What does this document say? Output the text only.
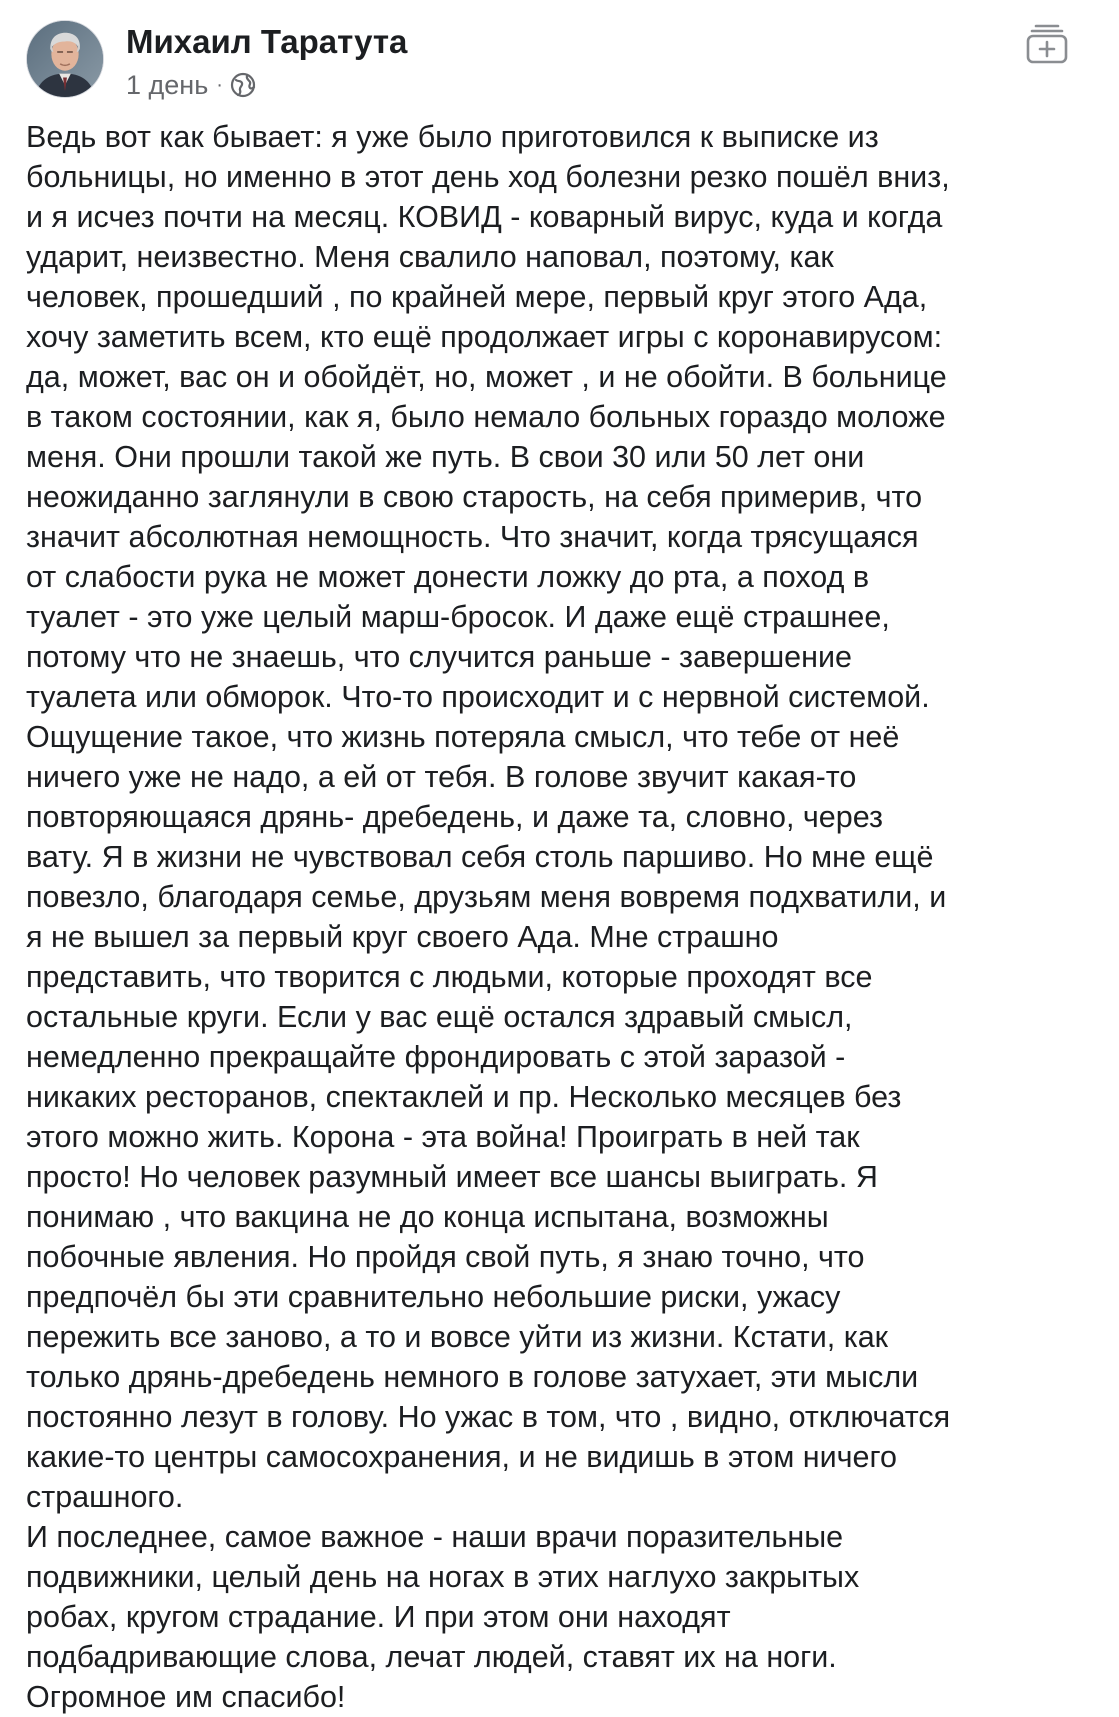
Михаил Таратута
1 день ·
Ведь вот как бывает: я уже было приготовился к выписке из
больницы, но именно в этот день ход болезни резко пошёл вниз,
и я исчез почти на месяц. КОВИД - коварный вирус, куда и когда
ударит, неизвестно. Меня свалило наповал, поэтому, как
человек, прошедший , по крайней мере, первый круг этого Ада,
хочу заметить всем, кто ещё продолжает игры с коронавирусом:
да, может, вас он и обойдёт, но, может , и не обойти. В больнице
в таком состоянии, как я, было немало больных гораздо моложе
меня. Они прошли такой же путь. В свои 30 или 50 лет они
неожиданно заглянули в свою старость, на себя примерив, что
значит абсолютная немощность. Что значит, когда трясущаяся
от слабости рука не может донести ложку до рта, а поход в
туалет - это уже целый марш-бросок. И даже ещё страшнее,
потому что не знаешь, что случится раньше - завершение
туалета или обморок. Что-то происходит и с нервной системой.
Ощущение такое, что жизнь потеряла смысл, что тебе от неё
ничего уже не надо, а ей от тебя. В голове звучит какая-то
повторяющаяся дрянь- дребедень, и даже та, словно, через
вату. Я в жизни не чувствовал себя столь паршиво. Но мне ещё
повезло, благодаря семье, друзьям меня вовремя подхватили, и
я не вышел за первый круг своего Ада. Мне страшно
представить, что творится с людьми, которые проходят все
остальные круги. Если у вас ещё остался здравый смысл,
немедленно прекращайте фрондировать с этой заразой -
никаких ресторанов, спектаклей и пр. Несколько месяцев без
этого можно жить. Корона - эта война! Проиграть в ней так
просто! Но человек разумный имеет все шансы выиграть. Я
понимаю , что вакцина не до конца испытана, возможны
побочные явления. Но пройдя свой путь, я знаю точно, что
предпочёл бы эти сравнительно небольшие риски, ужасу
пережить все заново, а то и вовсе уйти из жизни. Кстати, как
только дрянь-дребедень немного в голове затухает, эти мысли
постоянно лезут в голову. Но ужас в том, что , видно, отключатся
какие-то центры самосохранения, и не видишь в этом ничего
страшного.
И последнее, самое важное - наши врачи поразительные
подвижники, целый день на ногах в этих наглухо закрытых
робах, кругом страдание. И при этом они находят
подбадривающие слова, лечат людей, ставят их на ноги.
Огромное им спасибо!
